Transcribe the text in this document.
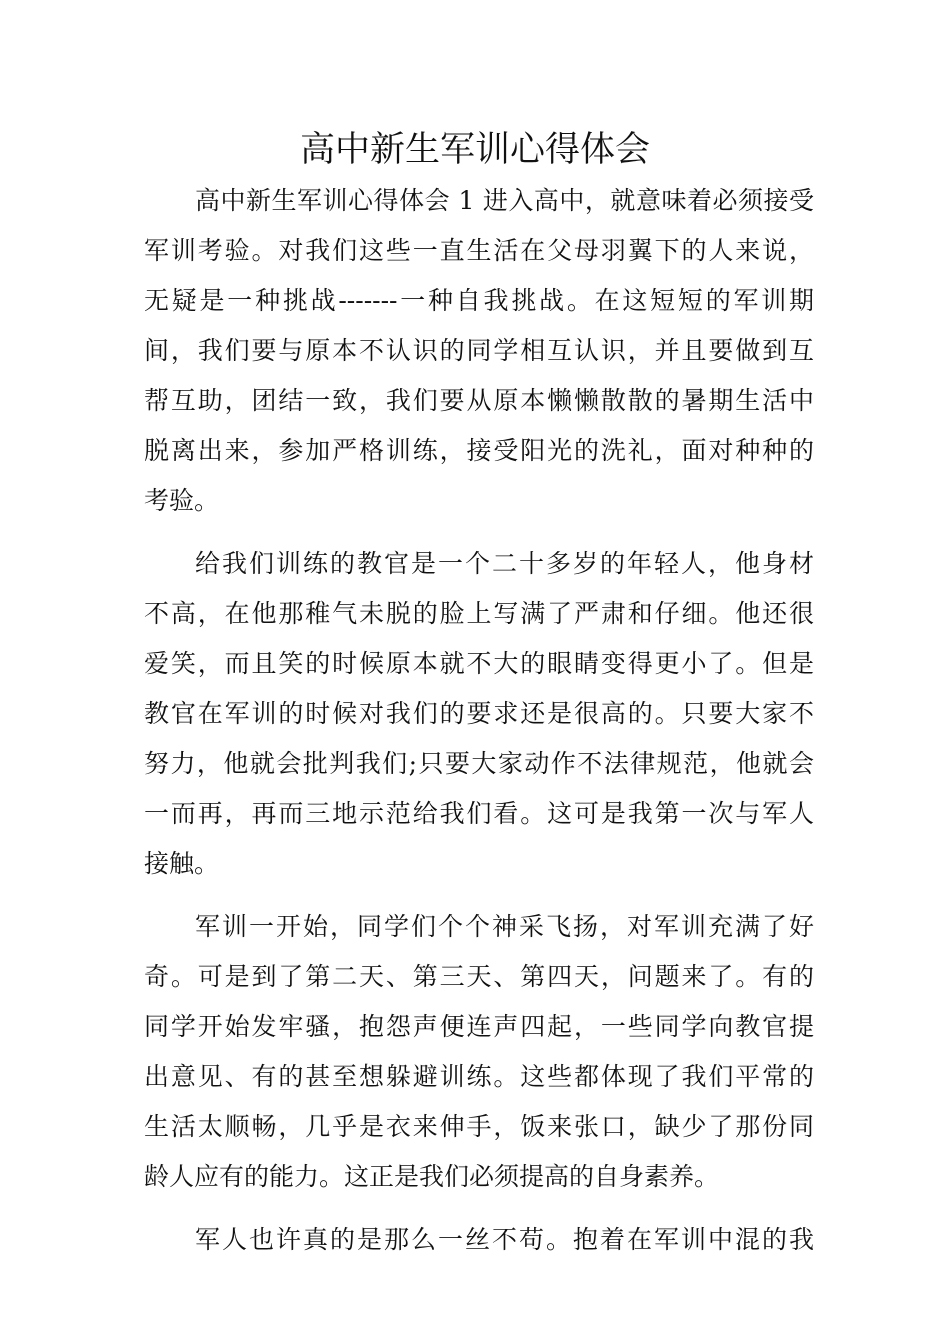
高中新生军训心得体会
高中新生军训心得体会 1 进入高中，就意味着必须接受
军训考验。对我们这些一直生活在父母羽翼下的人来说，
无疑是一种挑战-------一种自我挑战。在这短短的军训期
间，我们要与原本不认识的同学相互认识，并且要做到互
帮互助，团结一致，我们要从原本懒懒散散的暑期生活中
脱离出来，参加严格训练，接受阳光的洗礼，面对种种的
考验。
给我们训练的教官是一个二十多岁的年轻人，他身材
不高，在他那稚气未脱的脸上写满了严肃和仔细。他还很
爱笑，而且笑的时候原本就不大的眼睛变得更小了。但是
教官在军训的时候对我们的要求还是很高的。只要大家不
努力，他就会批判我们;只要大家动作不法律规范，他就会
一而再，再而三地示范给我们看。这可是我第一次与军人
接触。
军训一开始，同学们个个神采飞扬，对军训充满了好
奇。可是到了第二天、第三天、第四天，问题来了。有的
同学开始发牢骚，抱怨声便连声四起，一些同学向教官提
出意见、有的甚至想躲避训练。这些都体现了我们平常的
生活太顺畅，几乎是衣来伸手，饭来张口，缺少了那份同
龄人应有的能力。这正是我们必须提高的自身素养。
军人也许真的是那么一丝不苟。抱着在军训中混的我
